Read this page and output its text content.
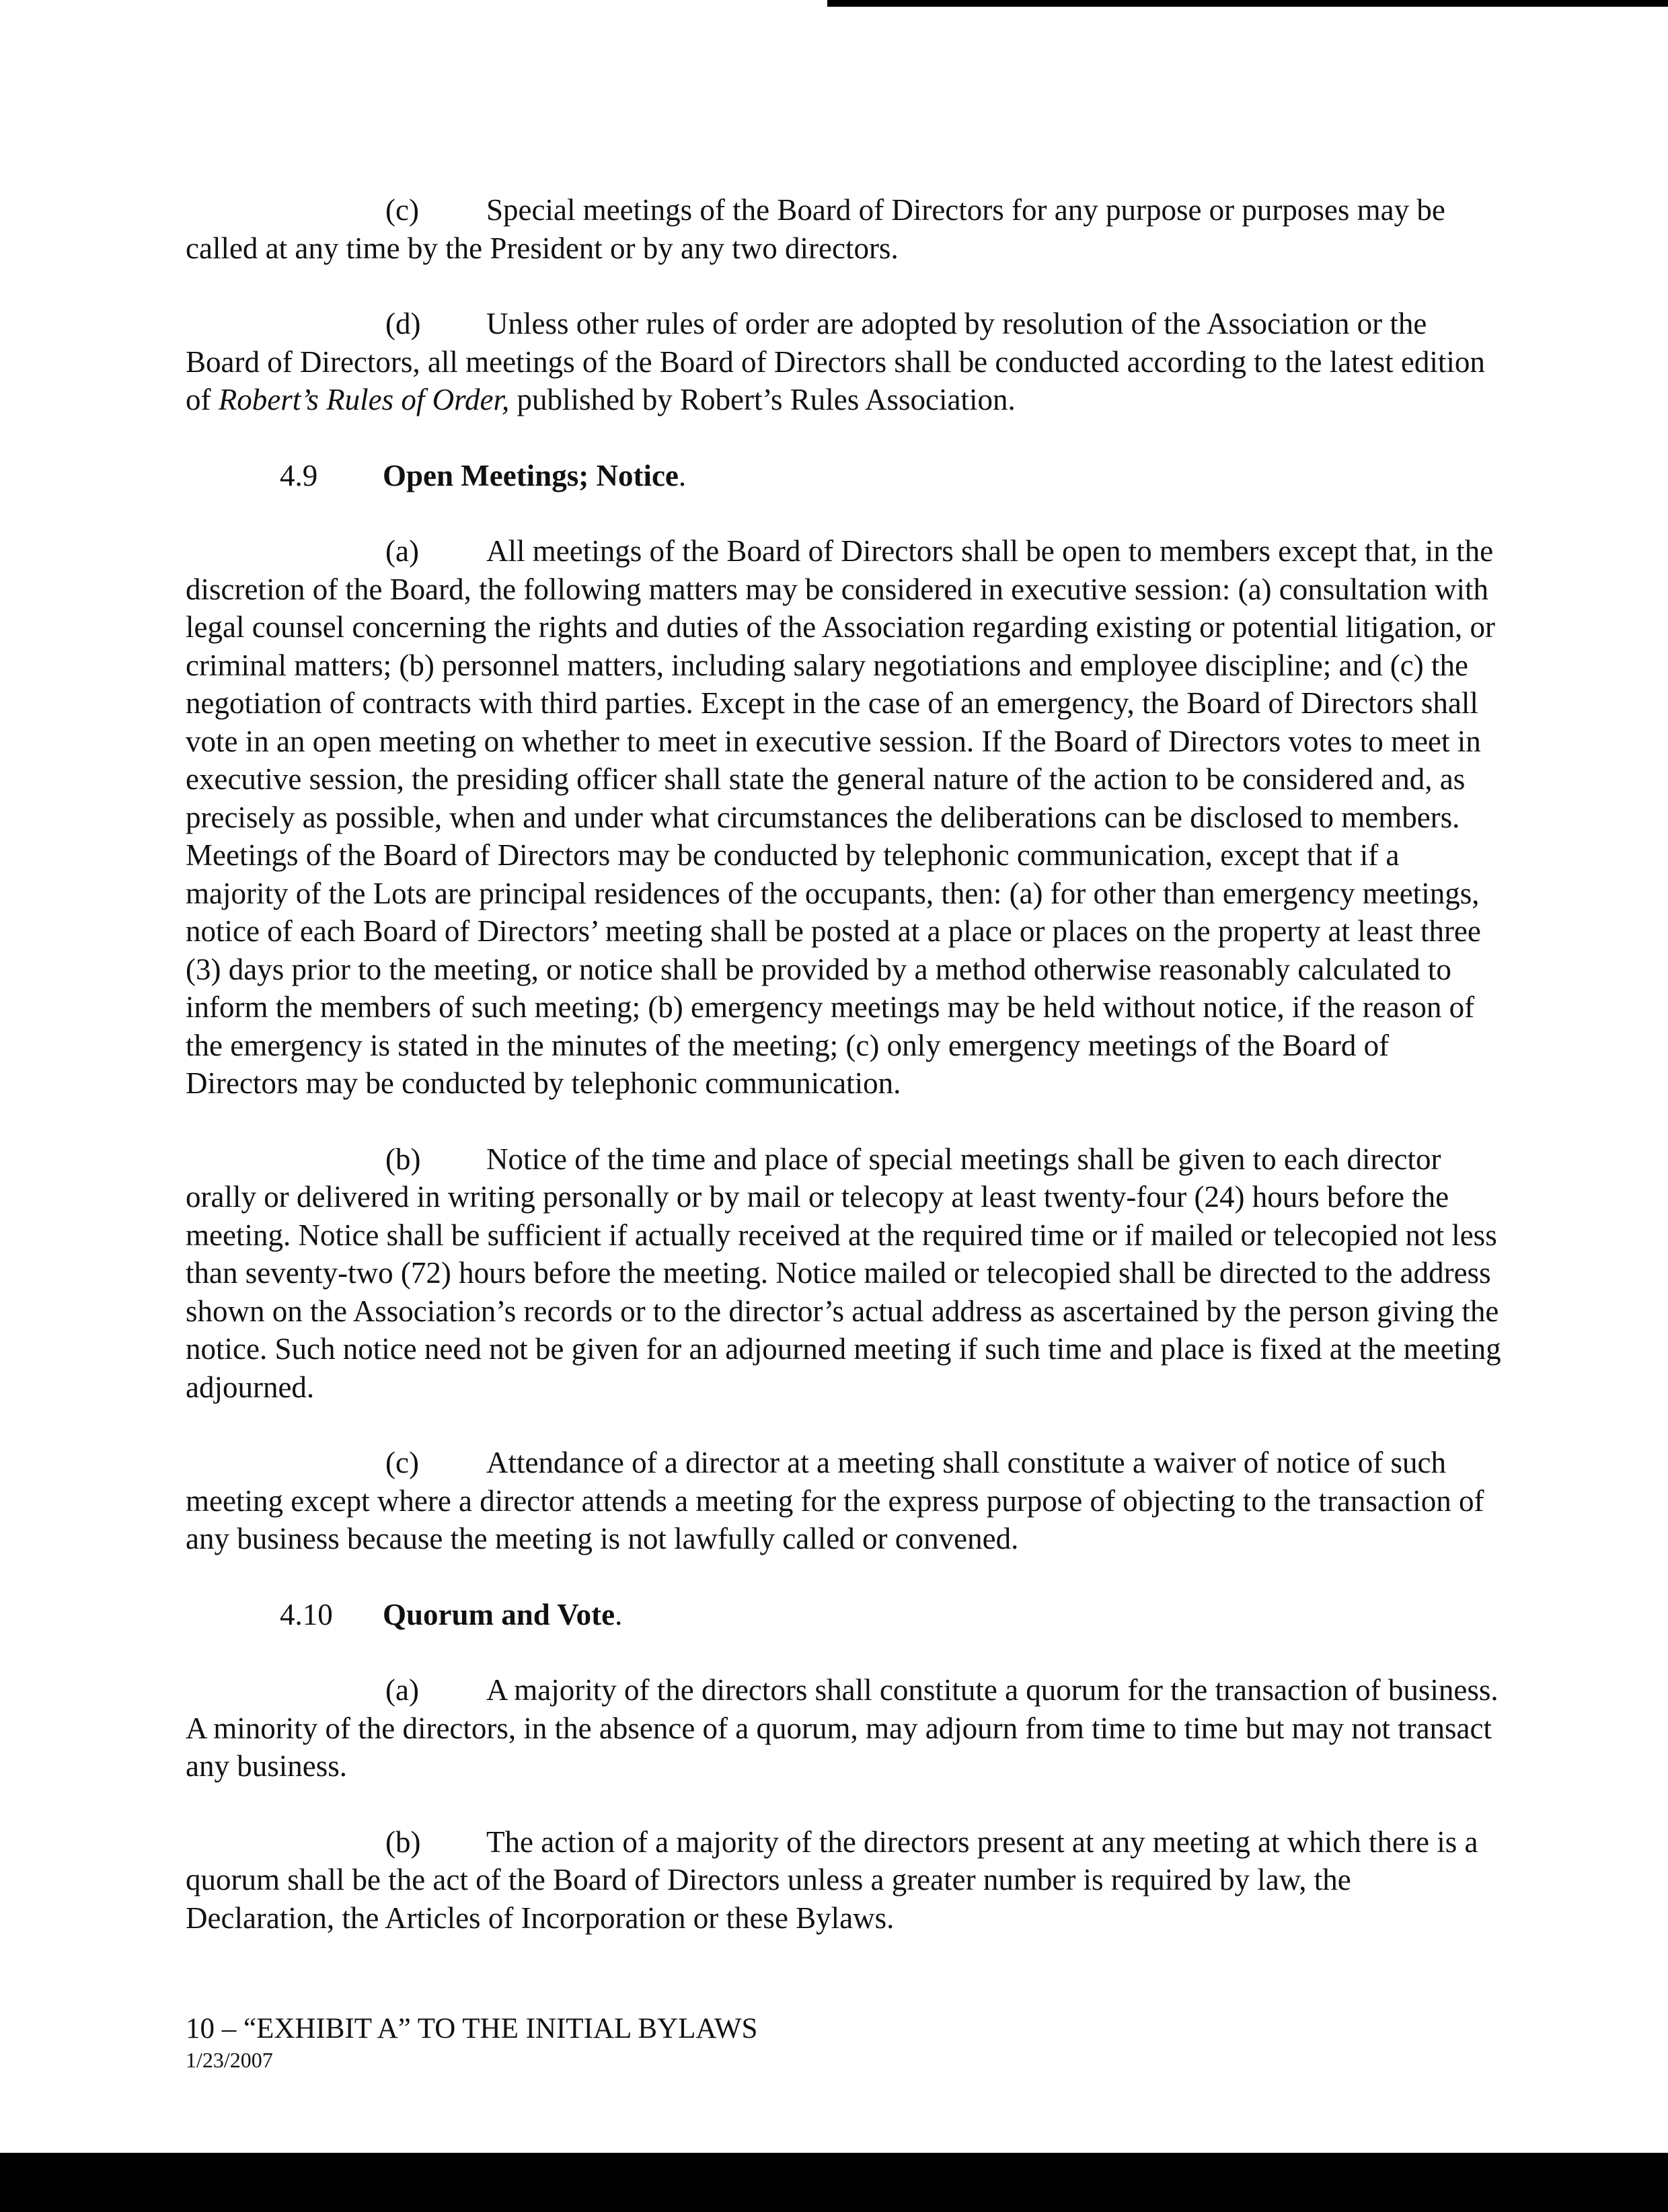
(c) Special meetings of the Board of Directors for any purpose or purposes may be called at any time by the President or by any two directors.

(d) Unless other rules of order are adopted by resolution of the Association or the Board of Directors, all meetings of the Board of Directors shall be conducted according to the latest edition of Robert’s Rules of Order, published by Robert’s Rules Association.

4.9 Open Meetings; Notice.

(a) All meetings of the Board of Directors shall be open to members except that, in the discretion of the Board, the following matters may be considered in executive session: (a) consultation with legal counsel concerning the rights and duties of the Association regarding existing or potential litigation, or criminal matters; (b) personnel matters, including salary negotiations and employee discipline; and (c) the negotiation of contracts with third parties. Except in the case of an emergency, the Board of Directors shall vote in an open meeting on whether to meet in executive session. If the Board of Directors votes to meet in executive session, the presiding officer shall state the general nature of the action to be considered and, as precisely as possible, when and under what circumstances the deliberations can be disclosed to members. Meetings of the Board of Directors may be conducted by telephonic communication, except that if a majority of the Lots are principal residences of the occupants, then: (a) for other than emergency meetings, notice of each Board of Directors’ meeting shall be posted at a place or places on the property at least three (3) days prior to the meeting, or notice shall be provided by a method otherwise reasonably calculated to inform the members of such meeting; (b) emergency meetings may be held without notice, if the reason of the emergency is stated in the minutes of the meeting; (c) only emergency meetings of the Board of Directors may be conducted by telephonic communication.

(b) Notice of the time and place of special meetings shall be given to each director orally or delivered in writing personally or by mail or telecopy at least twenty-four (24) hours before the meeting. Notice shall be sufficient if actually received at the required time or if mailed or telecopied not less than seventy-two (72) hours before the meeting. Notice mailed or telecopied shall be directed to the address shown on the Association’s records or to the director’s actual address as ascertained by the person giving the notice. Such notice need not be given for an adjourned meeting if such time and place is fixed at the meeting adjourned.

(c) Attendance of a director at a meeting shall constitute a waiver of notice of such meeting except where a director attends a meeting for the express purpose of objecting to the transaction of any business because the meeting is not lawfully called or convened.

4.10 Quorum and Vote.

(a) A majority of the directors shall constitute a quorum for the transaction of business. A minority of the directors, in the absence of a quorum, may adjourn from time to time but may not transact any business.

(b) The action of a majority of the directors present at any meeting at which there is a quorum shall be the act of the Board of Directors unless a greater number is required by law, the Declaration, the Articles of Incorporation or these Bylaws.

10 – “EXHIBIT A” TO THE INITIAL BYLAWS
1/23/2007
